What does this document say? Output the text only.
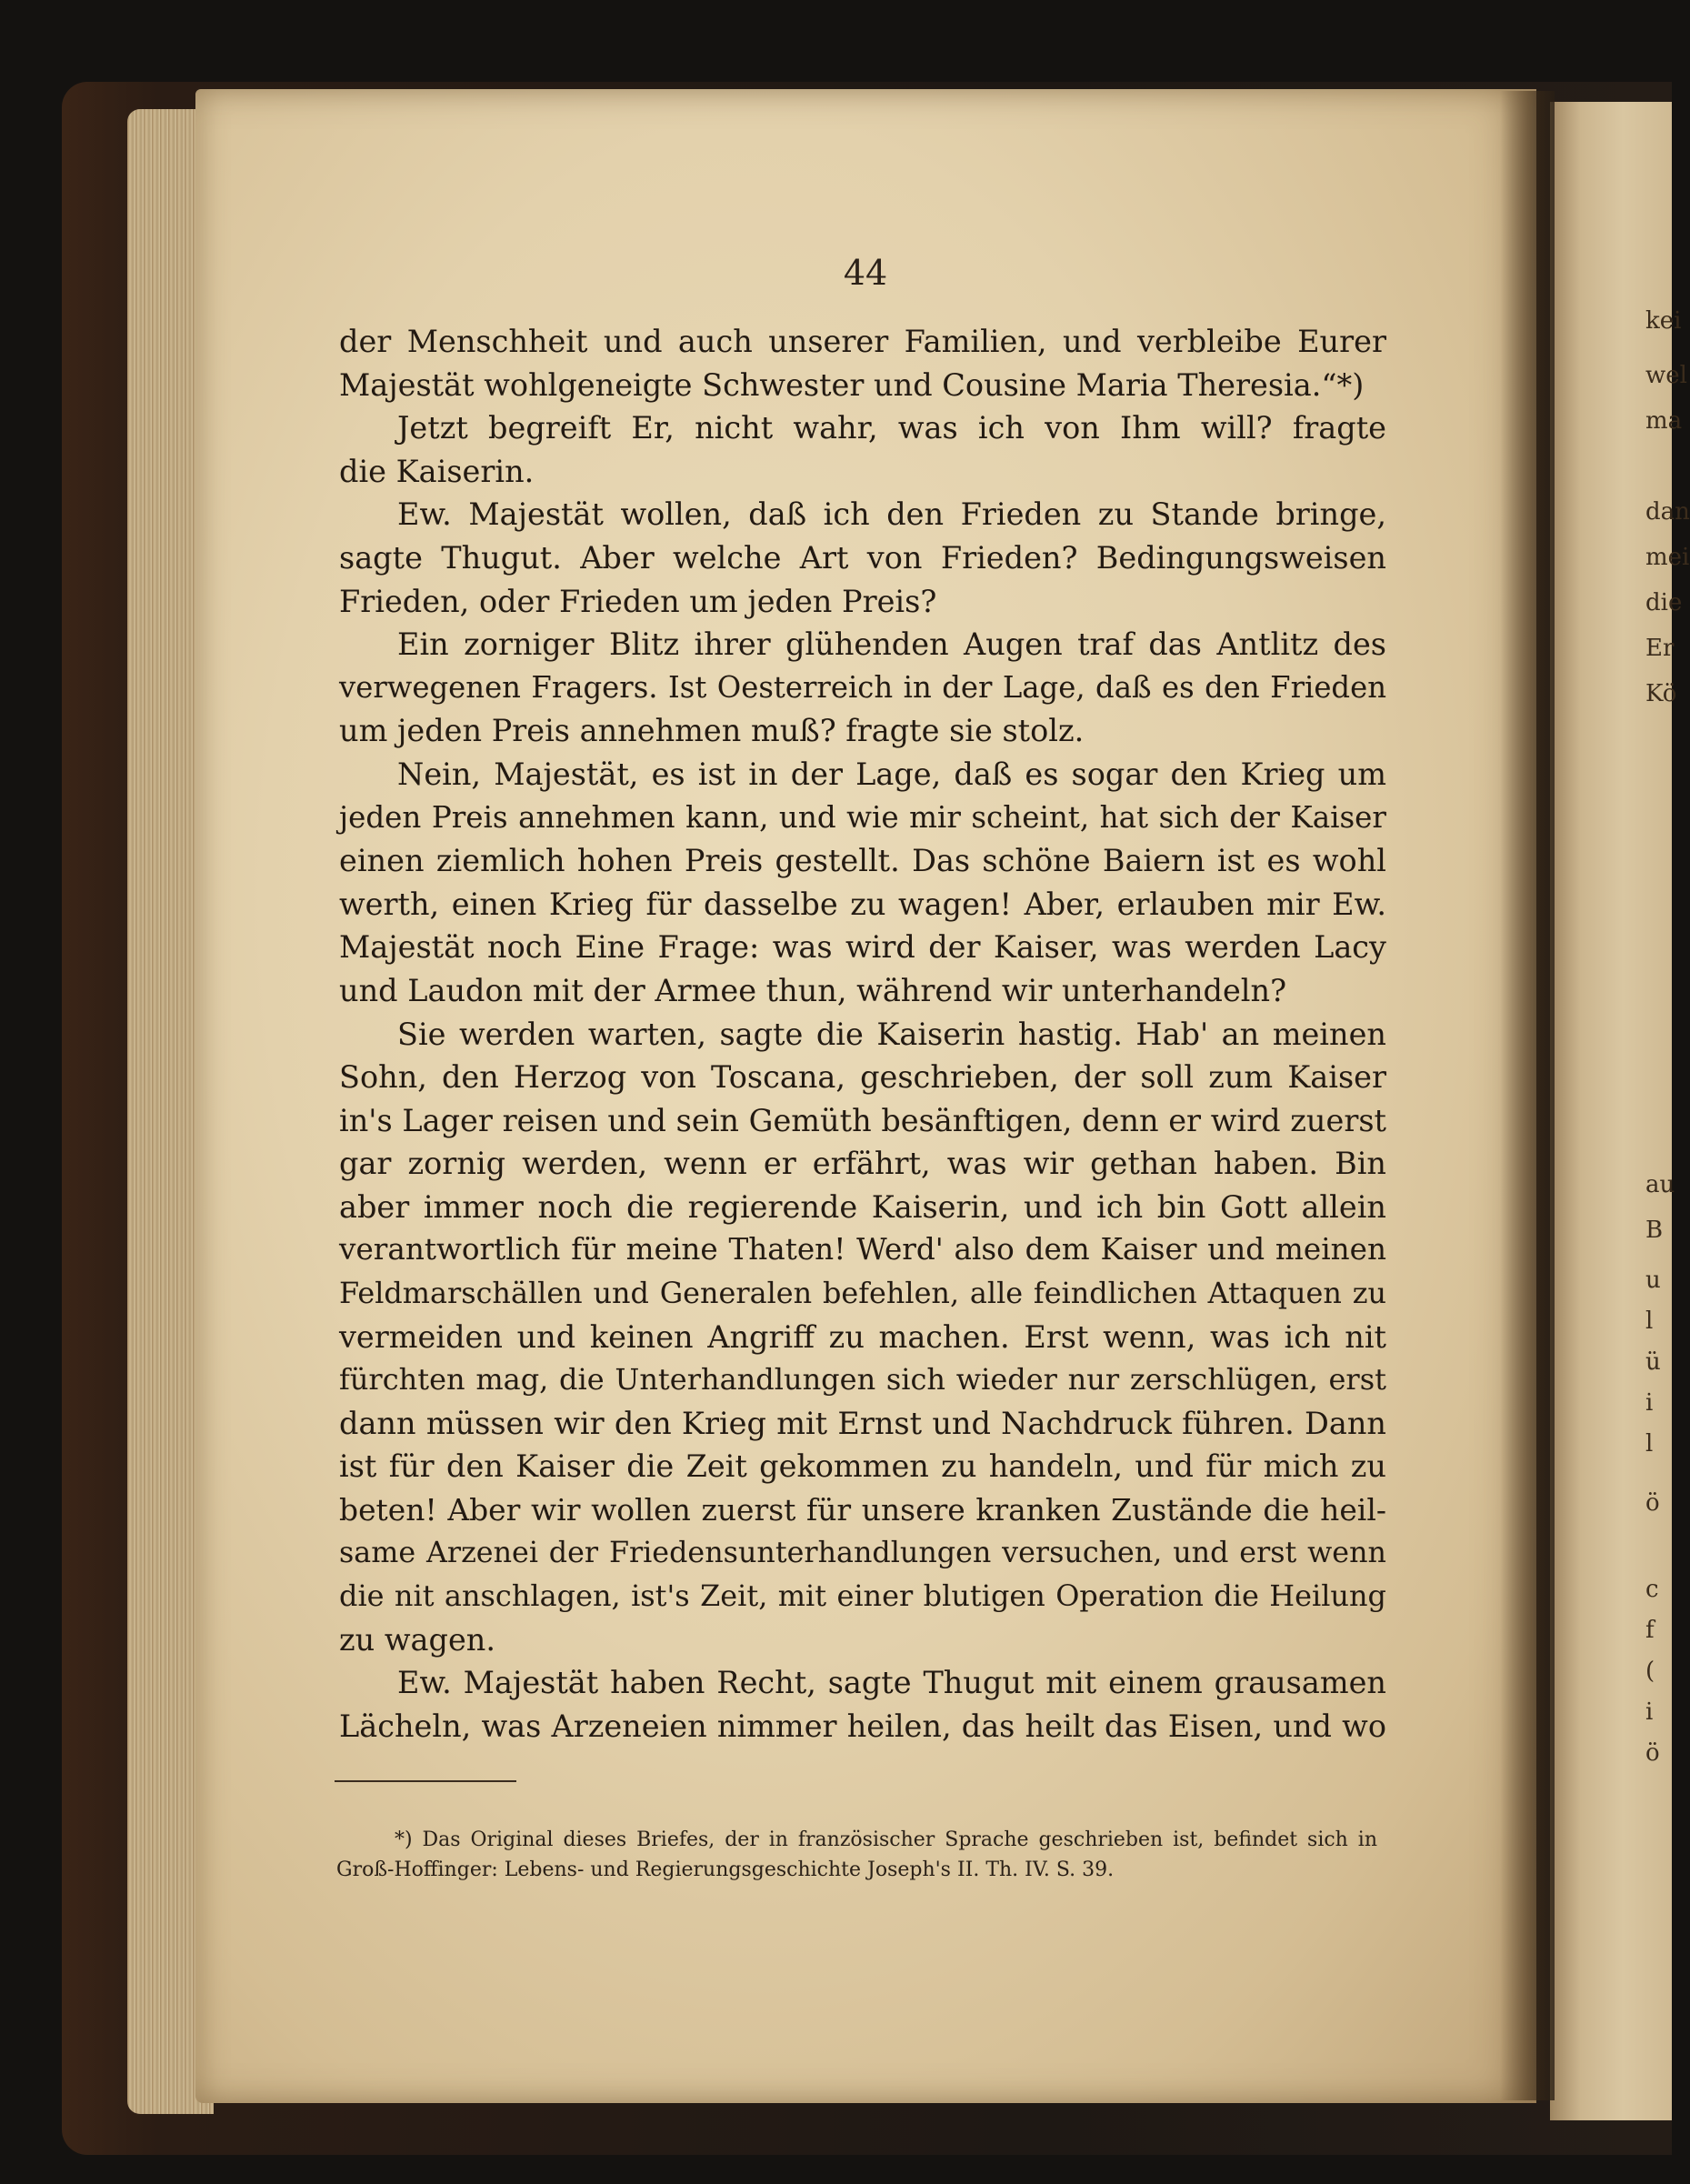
44
der Menschheit und auch unserer Familien, und verbleibe Eurer
Majestät wohlgeneigte Schwester und Cousine Maria Theresia.“*)
Jetzt begreift Er, nicht wahr, was ich von Ihm will? fragte
die Kaiserin.
Ew. Majestät wollen, daß ich den Frieden zu Stande bringe,
sagte Thugut. Aber welche Art von Frieden? Bedingungsweisen
Frieden, oder Frieden um jeden Preis?
Ein zorniger Blitz ihrer glühenden Augen traf das Antlitz des
verwegenen Fragers. Ist Oesterreich in der Lage, daß es den Frieden
um jeden Preis annehmen muß? fragte sie stolz.
Nein, Majestät, es ist in der Lage, daß es sogar den Krieg um
jeden Preis annehmen kann, und wie mir scheint, hat sich der Kaiser
einen ziemlich hohen Preis gestellt. Das schöne Baiern ist es wohl
werth, einen Krieg für dasselbe zu wagen! Aber, erlauben mir Ew.
Majestät noch Eine Frage: was wird der Kaiser, was werden Lacy
und Laudon mit der Armee thun, während wir unterhandeln?
Sie werden warten, sagte die Kaiserin hastig. Hab' an meinen
Sohn, den Herzog von Toscana, geschrieben, der soll zum Kaiser
in's Lager reisen und sein Gemüth besänftigen, denn er wird zuerst
gar zornig werden, wenn er erfährt, was wir gethan haben. Bin
aber immer noch die regierende Kaiserin, und ich bin Gott allein
verantwortlich für meine Thaten! Werd' also dem Kaiser und meinen
Feldmarschällen und Generalen befehlen, alle feindlichen Attaquen zu
vermeiden und keinen Angriff zu machen. Erst wenn, was ich nit
fürchten mag, die Unterhandlungen sich wieder nur zerschlügen, erst
dann müssen wir den Krieg mit Ernst und Nachdruck führen. Dann
ist für den Kaiser die Zeit gekommen zu handeln, und für mich zu
beten! Aber wir wollen zuerst für unsere kranken Zustände die heil-
same Arzenei der Friedensunterhandlungen versuchen, und erst wenn
die nit anschlagen, ist's Zeit, mit einer blutigen Operation die Heilung
zu wagen.
Ew. Majestät haben Recht, sagte Thugut mit einem grausamen
Lächeln, was Arzeneien nimmer heilen, das heilt das Eisen, und wo
*) Das Original dieses Briefes, der in französischer Sprache geschrieben ist, befindet sich in
Groß-Hoffinger: Lebens- und Regierungsgeschichte Joseph's II. Th. IV. S. 39.
kei
wel
ma
dan
mei
die
Er
Kö
au
B
u
l
ü
i
l
ö
c
f
(
i
ö
